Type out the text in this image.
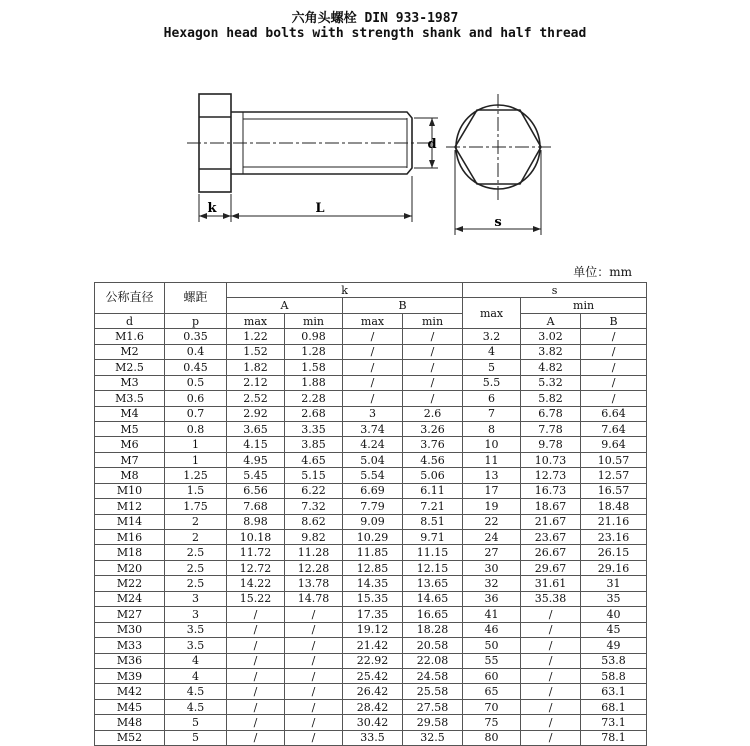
六角头螺栓 DIN 933-1987
Hexagon head bolts with strength shank and half thread
k	L
d
s
单位：mm
公称直径	螺距	k				s		
		A		B		max	min	
d	p	max	min	max	min		A	B
M1.6	0.35	1.22	0.98	/	/	3.2	3.02	/
M2	0.4	1.52	1.28	/	/	4	3.82	/
M2.5	0.45	1.82	1.58	/	/	5	4.82	/
M3	0.5	2.12	1.88	/	/	5.5	5.32	/
M3.5	0.6	2.52	2.28	/	/	6	5.82	/
M4	0.7	2.92	2.68	3	2.6	7	6.78	6.64
M5	0.8	3.65	3.35	3.74	3.26	8	7.78	7.64
M6	1	4.15	3.85	4.24	3.76	10	9.78	9.64
M7	1	4.95	4.65	5.04	4.56	11	10.73	10.57
M8	1.25	5.45	5.15	5.54	5.06	13	12.73	12.57
M10	1.5	6.56	6.22	6.69	6.11	17	16.73	16.57
M12	1.75	7.68	7.32	7.79	7.21	19	18.67	18.48
M14	2	8.98	8.62	9.09	8.51	22	21.67	21.16
M16	2	10.18	9.82	10.29	9.71	24	23.67	23.16
M18	2.5	11.72	11.28	11.85	11.15	27	26.67	26.15
M20	2.5	12.72	12.28	12.85	12.15	30	29.67	29.16
M22	2.5	14.22	13.78	14.35	13.65	32	31.61	31
M24	3	15.22	14.78	15.35	14.65	36	35.38	35
M27	3	/	/	17.35	16.65	41	/	40
M30	3.5	/	/	19.12	18.28	46	/	45
M33	3.5	/	/	21.42	20.58	50	/	49
M36	4	/	/	22.92	22.08	55	/	53.8
M39	4	/	/	25.42	24.58	60	/	58.8
M42	4.5	/	/	26.42	25.58	65	/	63.1
M45	4.5	/	/	28.42	27.58	70	/	68.1
M48	5	/	/	30.42	29.58	75	/	73.1
M52	5	/	/	33.5	32.5	80	/	78.1
